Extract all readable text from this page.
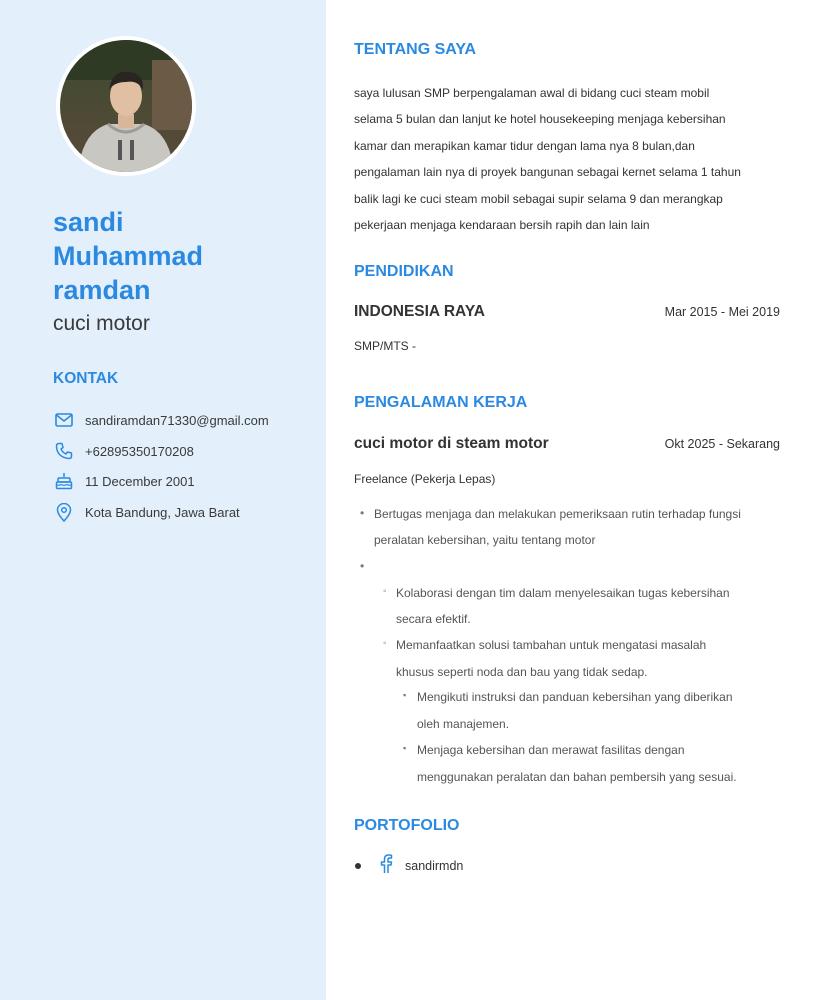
sandi
Muhammad
ramdan
cuci motor
KONTAK
sandiramdan71330@gmail.com
+62895350170208
11 December 2001
Kota Bandung, Jawa Barat
TENTANG SAYA
saya lulusan SMP berpengalaman awal di bidang cuci steam mobil
selama 5 bulan dan lanjut ke hotel housekeeping menjaga kebersihan
kamar dan merapikan kamar tidur dengan lama nya 8 bulan,dan
pengalaman lain nya di proyek bangunan sebagai kernet selama 1 tahun
balik lagi ke cuci steam mobil sebagai supir selama 9 dan merangkap
pekerjaan menjaga kendaraan bersih rapih dan lain lain
PENDIDIKAN
INDONESIA RAYA	Mar 2015 - Mei 2019
SMP/MTS -
PENGALAMAN KERJA
cuci motor di steam motor	Okt 2025 - Sekarang
Freelance (Pekerja Lepas)
• Bertugas menjaga dan melakukan pemeriksaan rutin terhadap fungsi
peralatan kebersihan, yaitu tentang motor
•
◦ Kolaborasi dengan tim dalam menyelesaikan tugas kebersihan
secara efektif.
◦ Memanfaatkan solusi tambahan untuk mengatasi masalah
khusus seperti noda dan bau yang tidak sedap.
▪ Mengikuti instruksi dan panduan kebersihan yang diberikan
oleh manajemen.
▪ Menjaga kebersihan dan merawat fasilitas dengan
menggunakan peralatan dan bahan pembersih yang sesuai.
PORTOFOLIO
sandirmdn
